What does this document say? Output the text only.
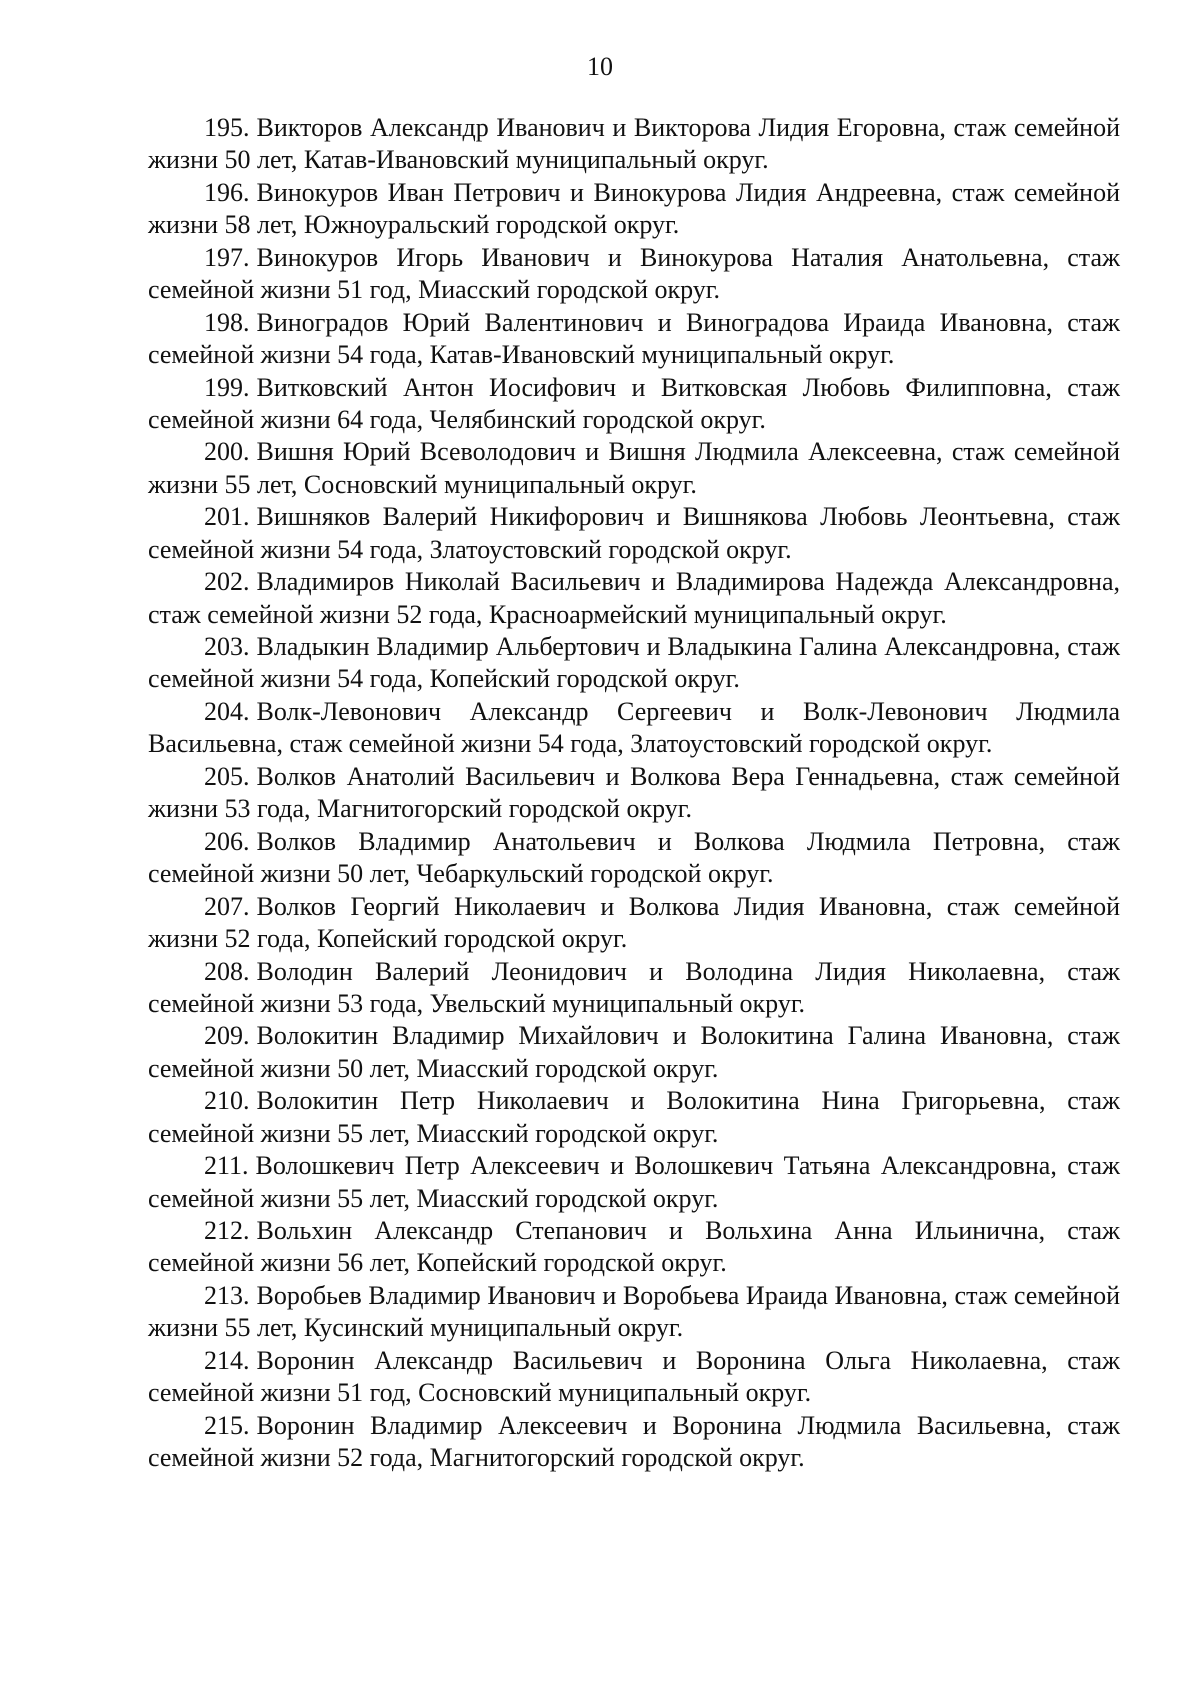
10

195. Викторов Александр Иванович и Викторова Лидия Егоровна, стаж семейной жизни 50 лет, Катав-Ивановский муниципальный округ.

196. Винокуров Иван Петрович и Винокурова Лидия Андреевна, стаж семейной жизни 58 лет, Южноуральский городской округ.

197. Винокуров Игорь Иванович и Винокурова Наталия Анатольевна, стаж семейной жизни 51 год, Миасский городской округ.

198. Виноградов Юрий Валентинович и Виноградова Ираида Ивановна, стаж семейной жизни 54 года, Катав-Ивановский муниципальный округ.

199. Витковский Антон Иосифович и Витковская Любовь Филипповна, стаж семейной жизни 64 года, Челябинский городской округ.

200. Вишня Юрий Всеволодович и Вишня Людмила Алексеевна, стаж семейной жизни 55 лет, Сосновский муниципальный округ.

201. Вишняков Валерий Никифорович и Вишнякова Любовь Леонтьевна, стаж семейной жизни 54 года, Златоустовский городской округ.

202. Владимиров Николай Васильевич и Владимирова Надежда Александровна, стаж семейной жизни 52 года, Красноармейский муниципальный округ.

203. Владыкин Владимир Альбертович и Владыкина Галина Александровна, стаж семейной жизни 54 года, Копейский городской округ.

204. Волк-Левонович Александр Сергеевич и Волк-Левонович Людмила Васильевна, стаж семейной жизни 54 года, Златоустовский городской округ.

205. Волков Анатолий Васильевич и Волкова Вера Геннадьевна, стаж семейной жизни 53 года, Магнитогорский городской округ.

206. Волков Владимир Анатольевич и Волкова Людмила Петровна, стаж семейной жизни 50 лет, Чебаркульский городской округ.

207. Волков Георгий Николаевич и Волкова Лидия Ивановна, стаж семейной жизни 52 года, Копейский городской округ.

208. Володин Валерий Леонидович и Володина Лидия Николаевна, стаж семейной жизни 53 года, Увельский муниципальный округ.

209. Волокитин Владимир Михайлович и Волокитина Галина Ивановна, стаж семейной жизни 50 лет, Миасский городской округ.

210. Волокитин Петр Николаевич и Волокитина Нина Григорьевна, стаж семейной жизни 55 лет, Миасский городской округ.

211. Волошкевич Петр Алексеевич и Волошкевич Татьяна Александровна, стаж семейной жизни 55 лет, Миасский городской округ.

212. Вольхин Александр Степанович и Вольхина Анна Ильинична, стаж семейной жизни 56 лет, Копейский городской округ.

213. Воробьев Владимир Иванович и Воробьева Ираида Ивановна, стаж семейной жизни 55 лет, Кусинский муниципальный округ.

214. Воронин Александр Васильевич и Воронина Ольга Николаевна, стаж семейной жизни 51 год, Сосновский муниципальный округ.

215. Воронин Владимир Алексеевич и Воронина Людмила Васильевна, стаж семейной жизни 52 года, Магнитогорский городской округ.
